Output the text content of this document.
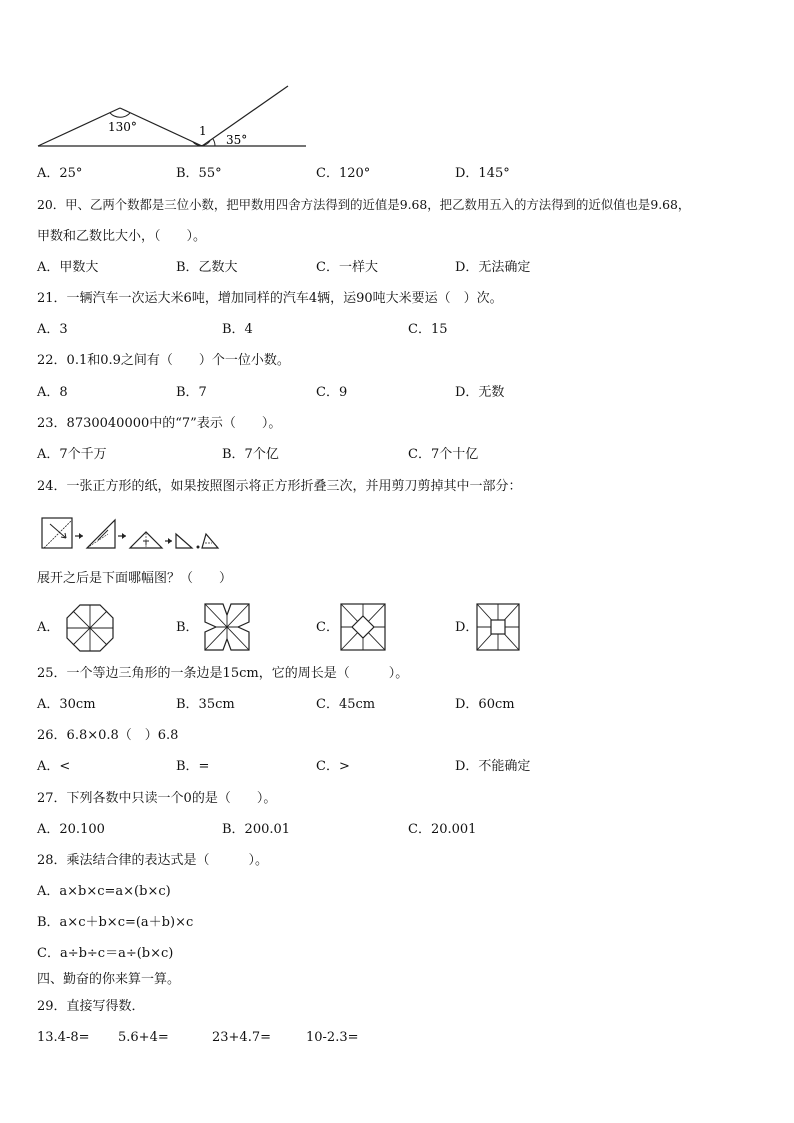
130°	1
35°
A．25°	B．55°	C．120°	D．145°
20．甲、乙两个数都是三位小数，把甲数用四舍方法得到的近值是9.68，把乙数用五入的方法得到的近似值也是9.68，
甲数和乙数比大小，（　　）。
A．甲数大	B．乙数大	C．一样大	D．无法确定
21．一辆汽车一次运大米6吨，增加同样的汽车4辆，运90吨大米要运（　）次。
A．3	B．4	C．15
22．0.1和0.9之间有（　　）个一位小数。
A．8	B．7	C．9	D．无数
23．8730040000中的“7”表示（　　）。
A．7个千万	B．7个亿	C．7个十亿
24．一张正方形的纸，如果按照图示将正方形折叠三次，并用剪刀剪掉其中一部分：
展开之后是下面哪幅图？（　　）
A．	B．	C．	D．
25．一个等边三角形的一条边是15cm，它的周长是（　　　）。
A．30cm	B．35cm	C．45cm	D．60cm
26．6.8×0.8（　）6.8
A．<	B．=	C．>	D．不能确定
27．下列各数中只读一个0的是（　　）。
A．20.100	B．200.01	C．20.001
28．乘法结合律的表达式是（　　　）。
A．a×b×c=a×(b×c)
B．a×c＋b×c=(a＋b)×c
C．a÷b÷c＝a÷(b×c)
四、勤奋的你来算一算。
29．直接写得数．
13.4-8= 5.6+4=	23+4.7=	10-2.3=
